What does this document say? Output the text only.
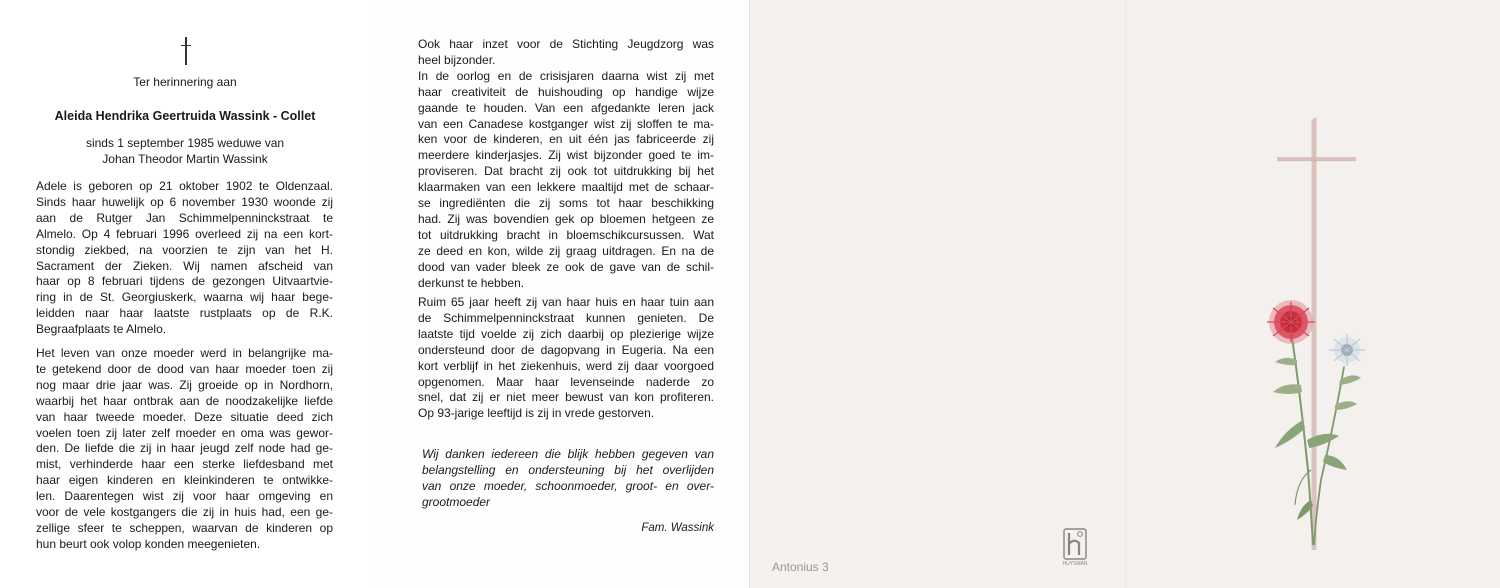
Ter herinnering aan
Aleida Hendrika Geertruida Wassink - Collet
sinds 1 september 1985 weduwe van
Johan Theodor Martin Wassink
Adele is geboren op 21 oktober 1902 te Oldenzaal.
Sinds haar huwelijk op 6 november 1930 woonde zij
aan de Rutger Jan Schimmelpenninckstraat te
Almelo. Op 4 februari 1996 overleed zij na een kort-
stondig ziekbed, na voorzien te zijn van het H.
Sacrament der Zieken. Wij namen afscheid van
haar op 8 februari tijdens de gezongen Uitvaartvie-
ring in de St. Georgiuskerk, waarna wij haar bege-
leidden naar haar laatste rustplaats op de R.K.
Begraafplaats te Almelo.
Het leven van onze moeder werd in belangrijke ma-
te getekend door de dood van haar moeder toen zij
nog maar drie jaar was. Zij groeide op in Nordhorn,
waarbij het haar ontbrak aan de noodzakelijke liefde
van haar tweede moeder. Deze situatie deed zich
voelen toen zij later zelf moeder en oma was gewor-
den. De liefde die zij in haar jeugd zelf node had ge-
mist, verhinderde haar een sterke liefdesband met
haar eigen kinderen en kleinkinderen te ontwikke-
len. Daarentegen wist zij voor haar omgeving en
voor de vele kostgangers die zij in huis had, een ge-
zellige sfeer te scheppen, waarvan de kinderen op
hun beurt ook volop konden meegenieten.
Ook haar inzet voor de Stichting Jeugdzorg was
heel bijzonder.
In de oorlog en de crisisjaren daarna wist zij met
haar creativiteit de huishouding op handige wijze
gaande te houden. Van een afgedankte leren jack
van een Canadese kostganger wist zij sloffen te ma-
ken voor de kinderen, en uit één jas fabriceerde zij
meerdere kinderjasjes. Zij wist bijzonder goed te im-
proviseren. Dat bracht zij ook tot uitdrukking bij het
klaarmaken van een lekkere maaltijd met de schaar-
se ingrediënten die zij soms tot haar beschikking
had. Zij was bovendien gek op bloemen hetgeen ze
tot uitdrukking bracht in bloemschikcursussen. Wat
ze deed en kon, wilde zij graag uitdragen. En na de
dood van vader bleek ze ook de gave van de schil-
derkunst te hebben.
Ruim 65 jaar heeft zij van haar huis en haar tuin aan
de Schimmelpenninckstraat kunnen genieten. De
laatste tijd voelde zij zich daarbij op plezierige wijze
ondersteund door de dagopvang in Eugeria. Na een
kort verblijf in het ziekenhuis, werd zij daar voorgoed
opgenomen. Maar haar levenseinde naderde zo
snel, dat zij er niet meer bewust van kon profiteren.
Op 93-jarige leeftijd is zij in vrede gestorven.
Wij danken iedereen die blijk hebben gegeven van
belangstelling en ondersteuning bij het overlijden
van onze moeder, schoonmoeder, groot- en over-
grootmoeder
Fam. Wassink
Antonius 3	HUYSMAN
